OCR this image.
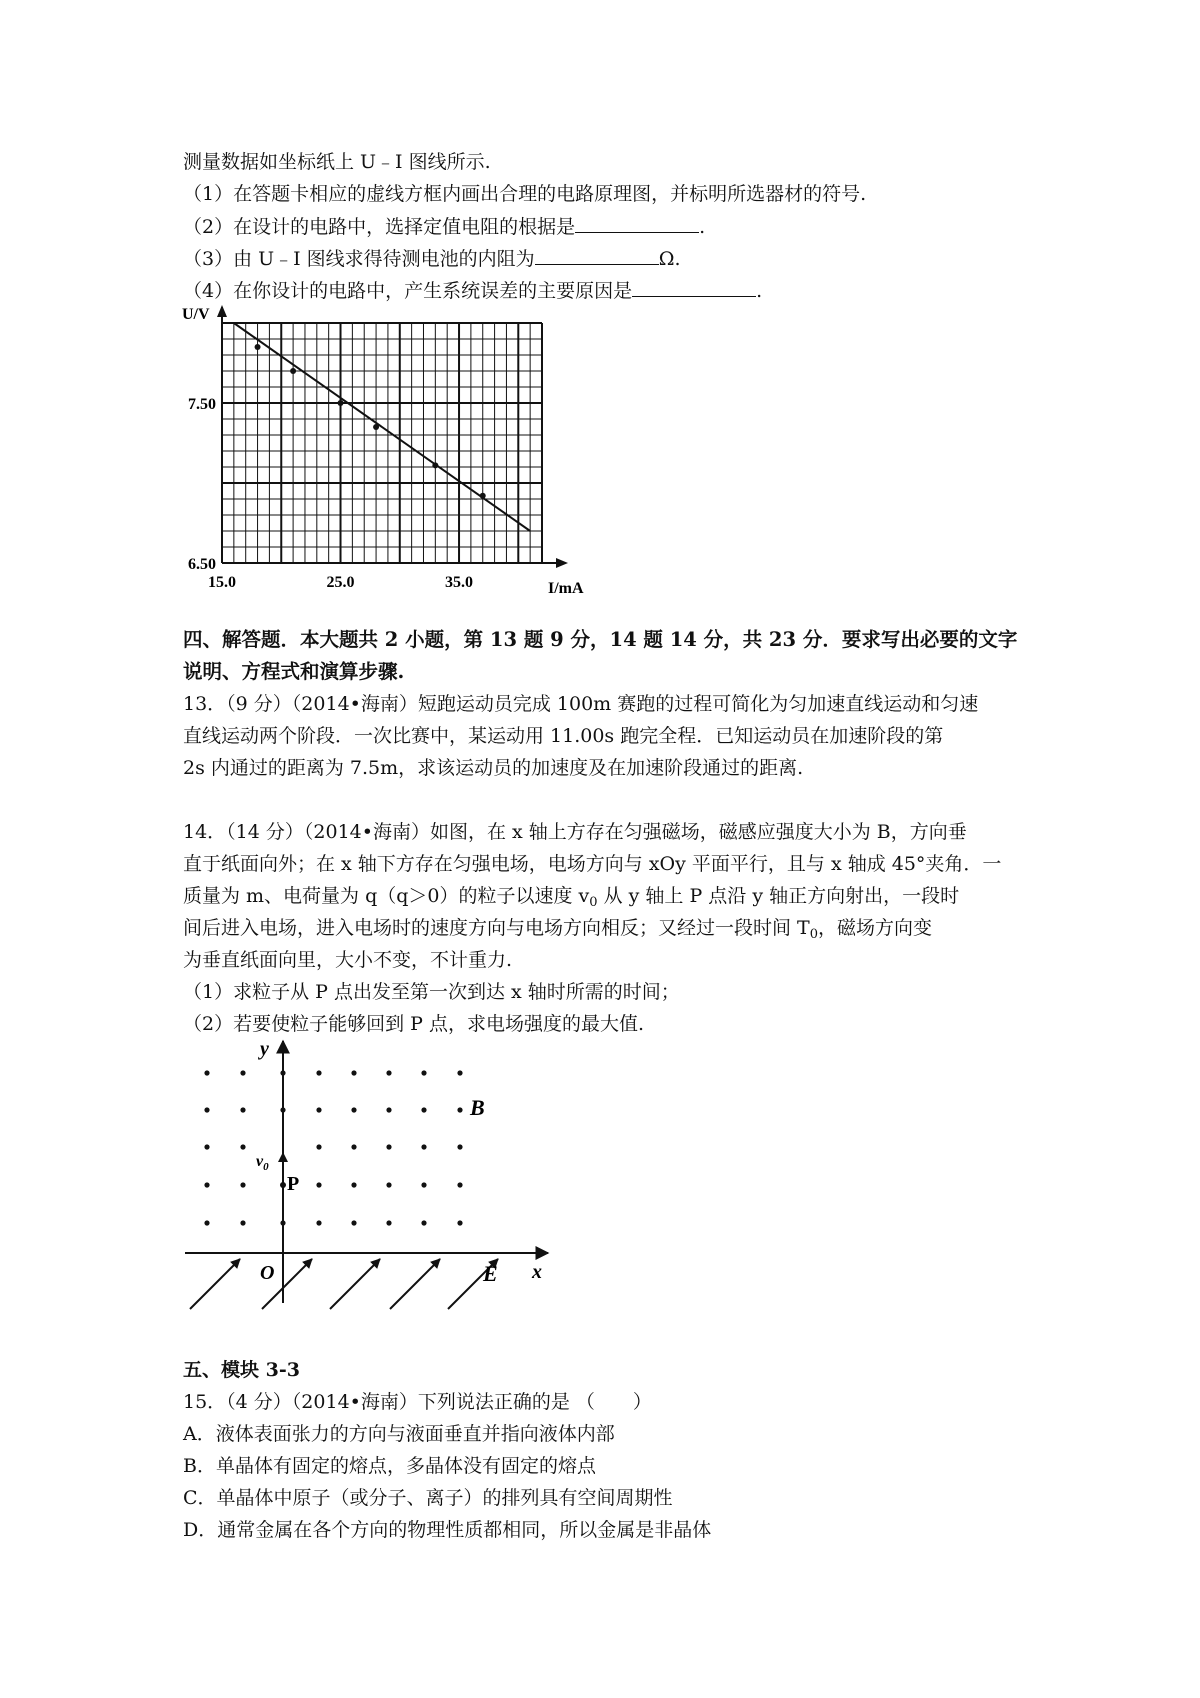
测量数据如坐标纸上 U﹣I 图线所示.
（1）在答题卡相应的虚线方框内画出合理的电路原理图，并标明所选器材的符号.
（2）在设计的电路中，选择定值电阻的根据是	.
（3）由 U﹣I 图线求得待测电池的内阻为	Ω.
（4）在你设计的电路中，产生系统误差的主要原因是	.
U/V
I/mA
15.0	25.0	35.0
7.50
6.50
四、解答题．本大题共 2 小题，第 13 题 9 分，14 题 14 分，共 23 分．要求写出必要的文字
说明、方程式和演算步骤.
13．（9 分）（2014•海南）短跑运动员完成 100m 赛跑的过程可简化为匀加速直线运动和匀速
直线运动两个阶段．一次比赛中，某运动用 11.00s 跑完全程．已知运动员在加速阶段的第
2s 内通过的距离为 7.5m，求该运动员的加速度及在加速阶段通过的距离.
14．（14 分）（2014•海南）如图，在 x 轴上方存在匀强磁场，磁感应强度大小为 B，方向垂
直于纸面向外；在 x 轴下方存在匀强电场，电场方向与 xOy 平面平行，且与 x 轴成 45°夹角．一
质量为 m、电荷量为 q（q＞0）的粒子以速度 $v_0$ 从 y 轴上 P 点沿 y 轴正方向射出，一段时
间后进入电场，进入电场时的速度方向与电场方向相反；又经过一段时间 $T_0$，磁场方向变
为垂直纸面向里，大小不变，不计重力.
（1）求粒子从 P 点出发至第一次到达 x 轴时所需的时间；
（2）若要使粒子能够回到 P 点，求电场强度的最大值.
y
x
O
B
$v_0$
P
E
五、模块 3-3
15．（4 分）（2014•海南）下列说法正确的是 （　　）
A．液体表面张力的方向与液面垂直并指向液体内部
B．单晶体有固定的熔点，多晶体没有固定的熔点
C．单晶体中原子（或分子、离子）的排列具有空间周期性
D．通常金属在各个方向的物理性质都相同，所以金属是非晶体
